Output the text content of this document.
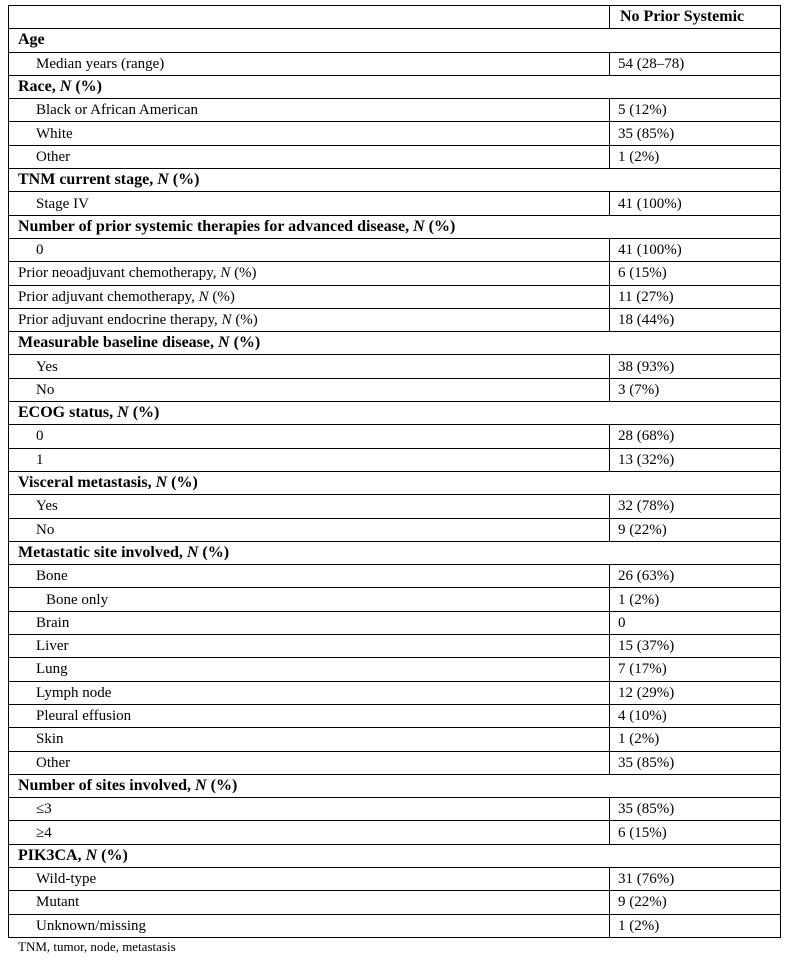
	No Prior Systemic
Age	
Median years (range)	54 (28–78)
Race, N (%)	
Black or African American	5 (12%)
White	35 (85%)
Other	1 (2%)
TNM current stage, N (%)	
Stage IV	41 (100%)
Number of prior systemic therapies for advanced disease, N (%)	
0	41 (100%)
Prior neoadjuvant chemotherapy, N (%)	6 (15%)
Prior adjuvant chemotherapy, N (%)	11 (27%)
Prior adjuvant endocrine therapy, N (%)	18 (44%)
Measurable baseline disease, N (%)	
Yes	38 (93%)
No	3 (7%)
ECOG status, N (%)	
0	28 (68%)
1	13 (32%)
Visceral metastasis, N (%)	
Yes	32 (78%)
No	9 (22%)
Metastatic site involved, N (%)	
Bone	26 (63%)
Bone only	1 (2%)
Brain	0
Liver	15 (37%)
Lung	7 (17%)
Lymph node	12 (29%)
Pleural effusion	4 (10%)
Skin	1 (2%)
Other	35 (85%)
Number of sites involved, N (%)	
≤3	35 (85%)
≥4	6 (15%)
PIK3CA, N (%)	
Wild-type	31 (76%)
Mutant	9 (22%)
Unknown/missing	1 (2%)
TNM, tumor, node, metastasis
